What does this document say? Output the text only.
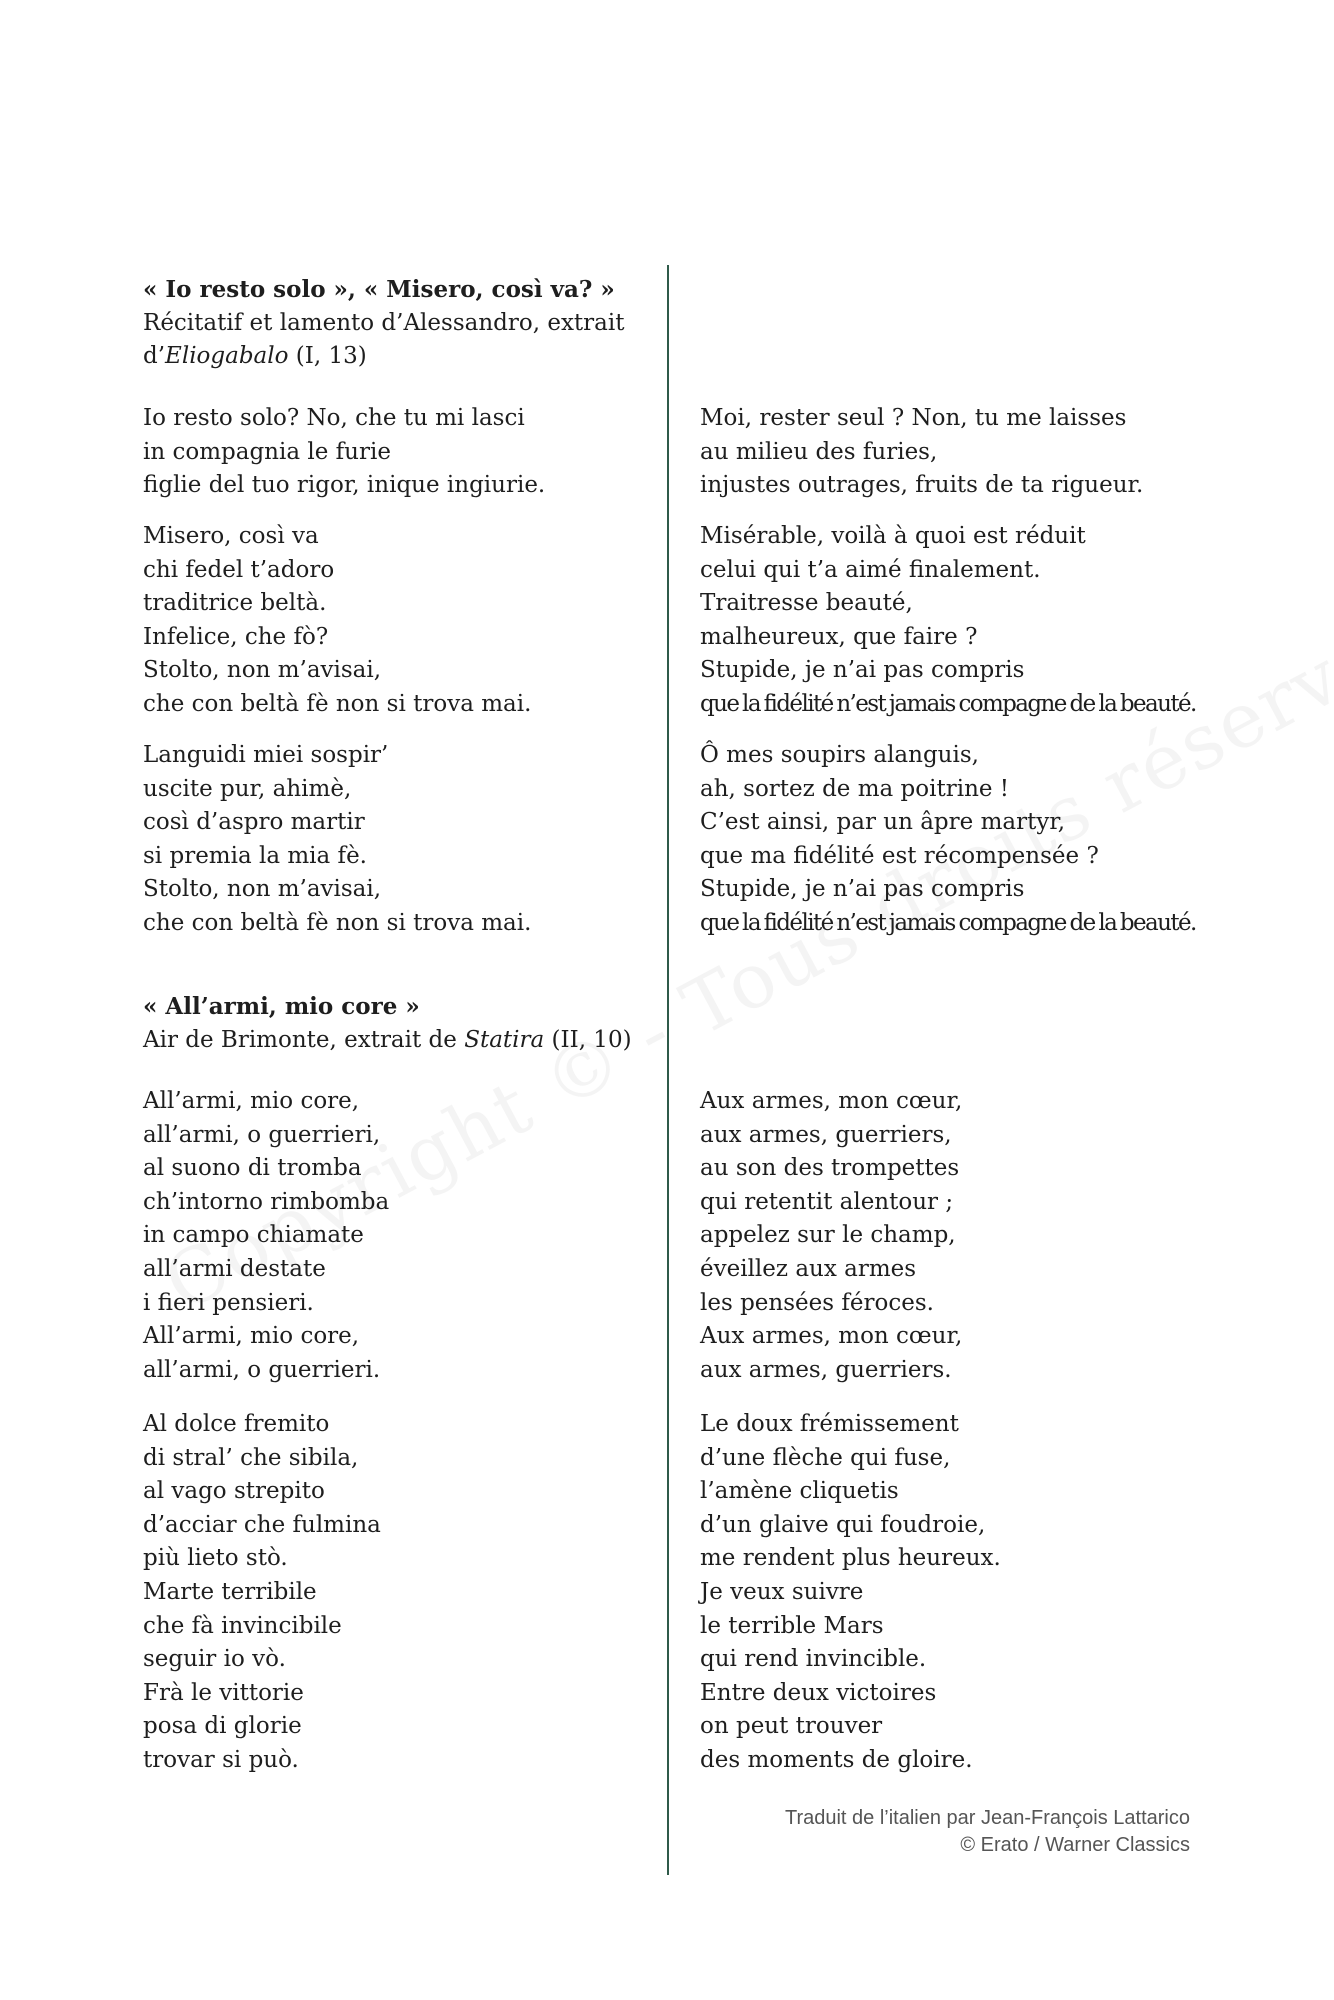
« Io resto solo », « Misero, così va? »
Récitatif et lamento d’Alessandro, extrait
d’Eliogabalo (I, 13)
Io resto solo? No, che tu mi lasci
in compagnia le furie
figlie del tuo rigor, inique ingiurie.
Misero, così va
chi fedel t’adoro
traditrice beltà.
Infelice, che fò?
Stolto, non m’avisai,
che con beltà fè non si trova mai.
Languidi miei sospir’
uscite pur, ahimè,
così d’aspro martir
si premia la mia fè.
Stolto, non m’avisai,
che con beltà fè non si trova mai.
Moi, rester seul ? Non, tu me laisses
au milieu des furies,
injustes outrages, fruits de ta rigueur.
Misérable, voilà à quoi est réduit
celui qui t’a aimé finalement.
Traitresse beauté,
malheureux, que faire ?
Stupide, je n’ai pas compris
que la fidélité n’est jamais compagne de la beauté.
Ô mes soupirs alanguis,
ah, sortez de ma poitrine !
C’est ainsi, par un âpre martyr,
que ma fidélité est récompensée ?
Stupide, je n’ai pas compris
que la fidélité n’est jamais compagne de la beauté.
« All’armi, mio core »
Air de Brimonte, extrait de Statira (II, 10)
All’armi, mio core,
all’armi, o guerrieri,
al suono di tromba
ch’intorno rimbomba
in campo chiamate
all’armi destate
i fieri pensieri.
All’armi, mio core,
all’armi, o guerrieri.
Al dolce fremito
di stral’ che sibila,
al vago strepito
d’acciar che fulmina
più lieto stò.
Marte terribile
che fà invincibile
seguir io vò.
Frà le vittorie
posa di glorie
trovar si può.
Aux armes, mon cœur,
aux armes, guerriers,
au son des trompettes
qui retentit alentour ;
appelez sur le champ,
éveillez aux armes
les pensées féroces.
Aux armes, mon cœur,
aux armes, guerriers.
Le doux frémissement
d’une flèche qui fuse,
l’amène cliquetis
d’un glaive qui foudroie,
me rendent plus heureux.
Je veux suivre
le terrible Mars
qui rend invincible.
Entre deux victoires
on peut trouver
des moments de gloire.
Traduit de l’italien par Jean-François Lattarico
© Erato / Warner Classics
